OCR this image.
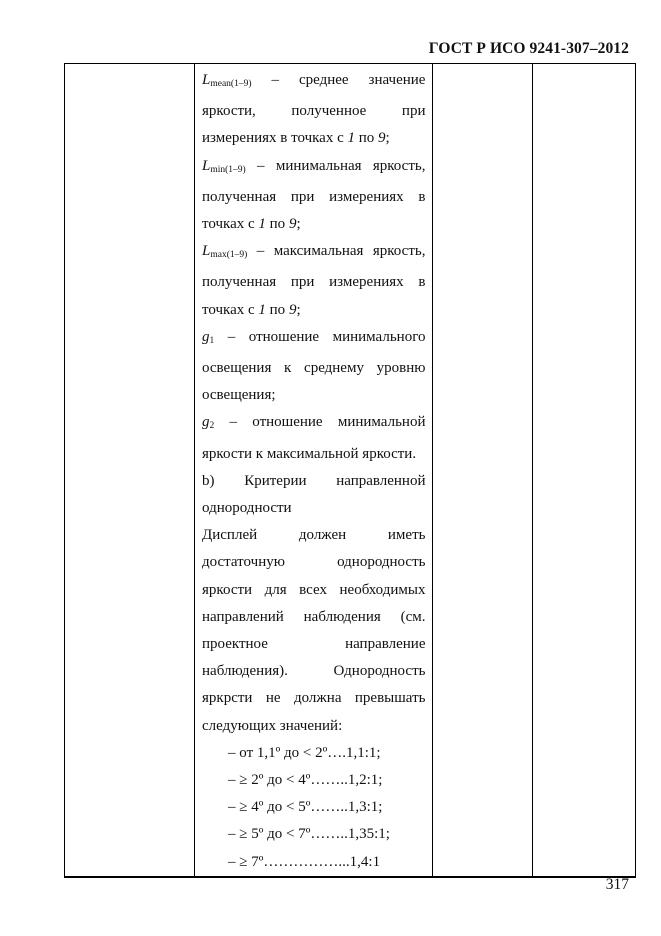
ГОСТ Р ИСО 9241-307–2012

$L_{mean(1-9)}$ – среднее значение яркости, полученное при измерениях в точках с 1 по 9;

$L_{min(1-9)}$ – минимальная яркость, полученная при измерениях в точках с 1 по 9;

$L_{max(1-9)}$ – максимальная яркость, полученная при измерениях в точках с 1 по 9;

$g_1$ – отношение минимального освещения к среднему уровню освещения;

$g_2$ – отношение минимальной яркости к максимальной яркости.

b) Критерии направленной однородности

Дисплей должен иметь достаточную однородность яркости для всех необходимых направлений наблюдения (см. проектное направление наблюдения). Однородность яркрсти не должна превышать следующих значений:

– от 1,1º до < 2º….1,1:1;

– ≥ 2º до < 4º……..1,2:1;

– ≥ 4º до < 5º……..1,3:1;

– ≥ 5º до < 7º……..1,35:1;

– ≥ 7º……………...1,4:1

317
